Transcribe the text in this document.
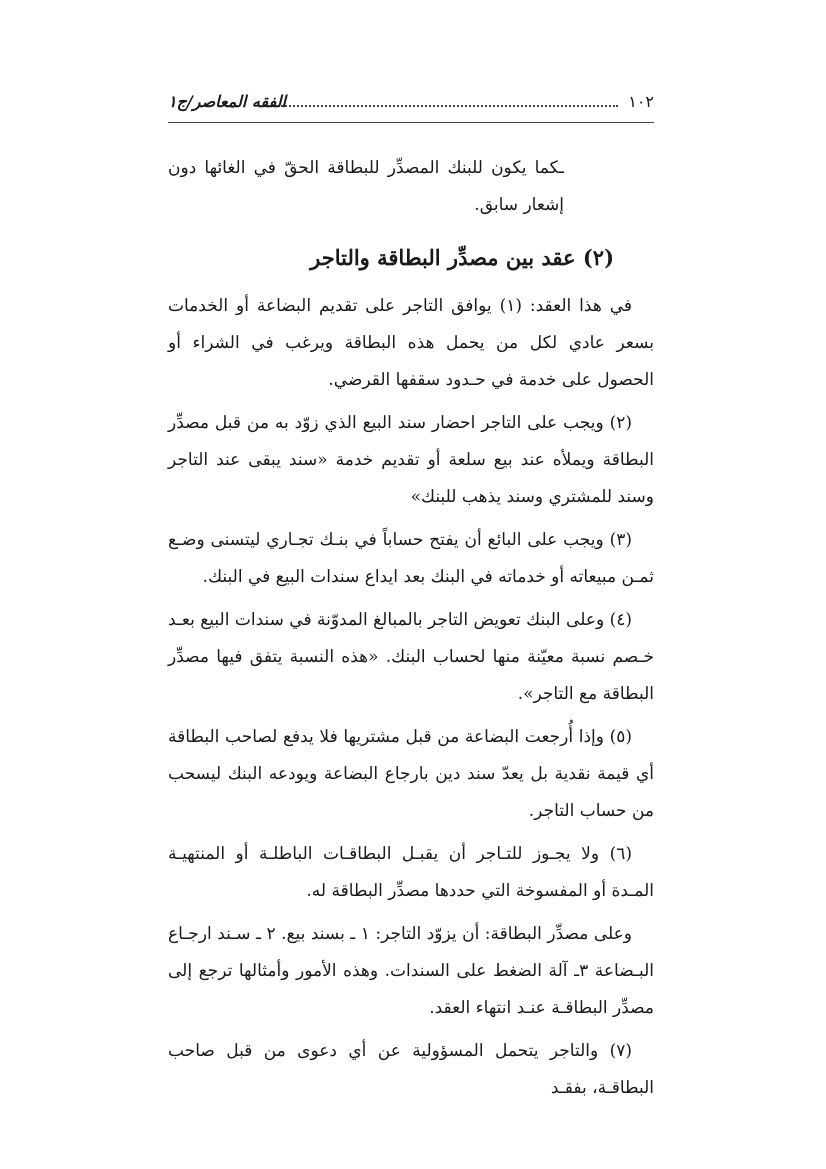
١٠٢
الفقه المعاصر/ج١

ـكما يكون للبنك المصدِّر للبطاقة الحقّ في الغائها دون إشعار سابق.

(٢) عقد بين مصدِّر البطاقة والتاجر

في هذا العقد: (١) يوافق التاجر على تقديم البضاعة أو الخدمات بسعر عادي لكل من يحمل هذه البطاقة ويرغب في الشراء أو الحصول على خدمة في حـدود سقفها القرضي.

(٢) ويجب على التاجر احضار سند البيع الذي زوّد به من قبل مصدِّر البطاقة ويملأه عند بيع سلعة أو تقديم خدمة «سند يبقى عند التاجر وسند للمشتري وسند يذهب للبنك»

(٣) ويجب على البائع أن يفتح حساباً في بنـك تجـاري ليتسنى وضـع ثمـن مبيعاته أو خدماته في البنك بعد ايداع سندات البيع في البنك.

(٤) وعلى البنك تعويض التاجر بالمبالغ المدوّنة في سندات البيع بعـد خـصم نسبة معيّنة منها لحساب البنك. «هذه النسبة يتفق فيها مصدِّر البطاقة مع التاجر».

(٥) وإذا أُرجعت البضاعة من قبل مشتريها فلا يدفع لصاحب البطاقة أي قيمة نقدية بل يعدّ سند دين بارجاع البضاعة ويودعه البنك ليسحب من حساب التاجر.

(٦) ولا يجـوز للتـاجر أن يقبـل البطاقـات الباطلـة أو المنتهيـة المـدة أو المفسوخة التي حددها مصدِّر البطاقة له.

وعلى مصدِّر البطاقة: أن يزوّد التاجر: ١ ـ بسند بيع. ٢ ـ سـند ارجـاع البـضاعة ٣ـ آلة الضغط على السندات. وهذه الأمور وأمثالها ترجع إلى مصدِّر البطاقـة عنـد انتهاء العقد.

(٧) والتاجر يتحمل المسؤولية عن أي دعوى من قبل صاحب البطاقـة، بفقـد
